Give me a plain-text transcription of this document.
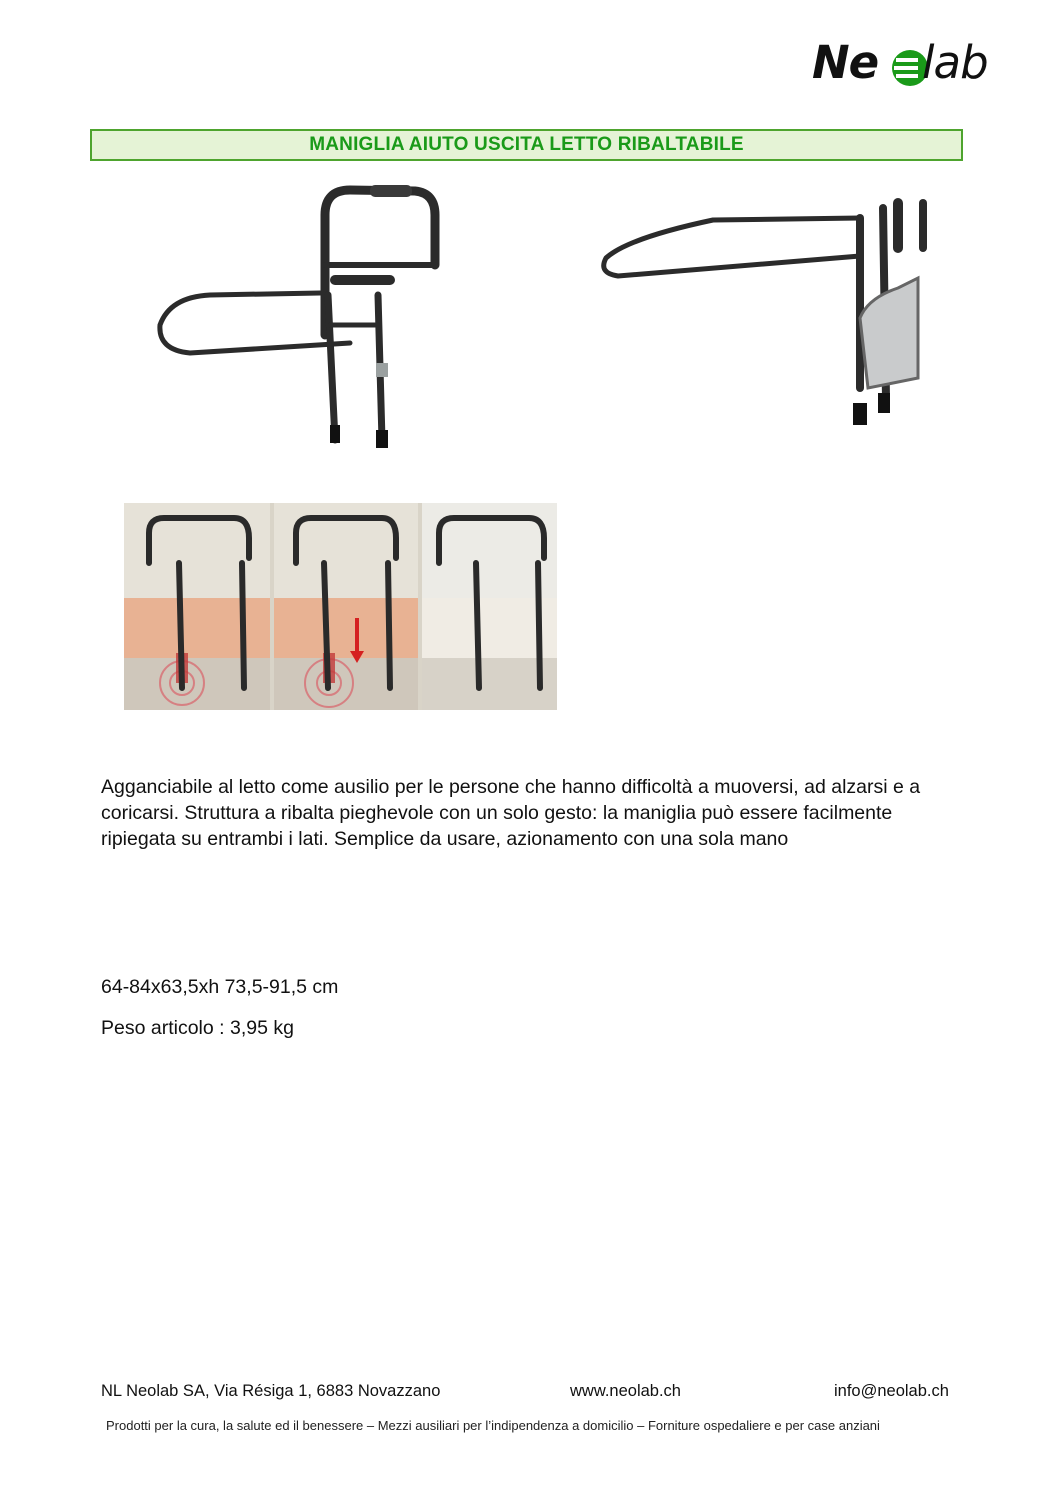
Ne lab
MANIGLIA AIUTO USCITA LETTO RIBALTABILE
Agganciabile al letto come ausilio per le persone che hanno difficoltà a muoversi, ad alzarsi e a coricarsi. Struttura a ribalta pieghevole con un solo gesto: la maniglia può essere facilmente ripiegata su entrambi i lati. Semplice da usare, azionamento con una sola mano
64-84x63,5xh 73,5-91,5 cm
Peso articolo : 3,95 kg
NL Neolab SA, Via Résiga 1, 6883 Novazzano	www.neolab.ch	info@neolab.ch
Prodotti per la cura, la salute ed il benessere – Mezzi ausiliari per l’indipendenza a domicilio – Forniture ospedaliere e per case anziani
